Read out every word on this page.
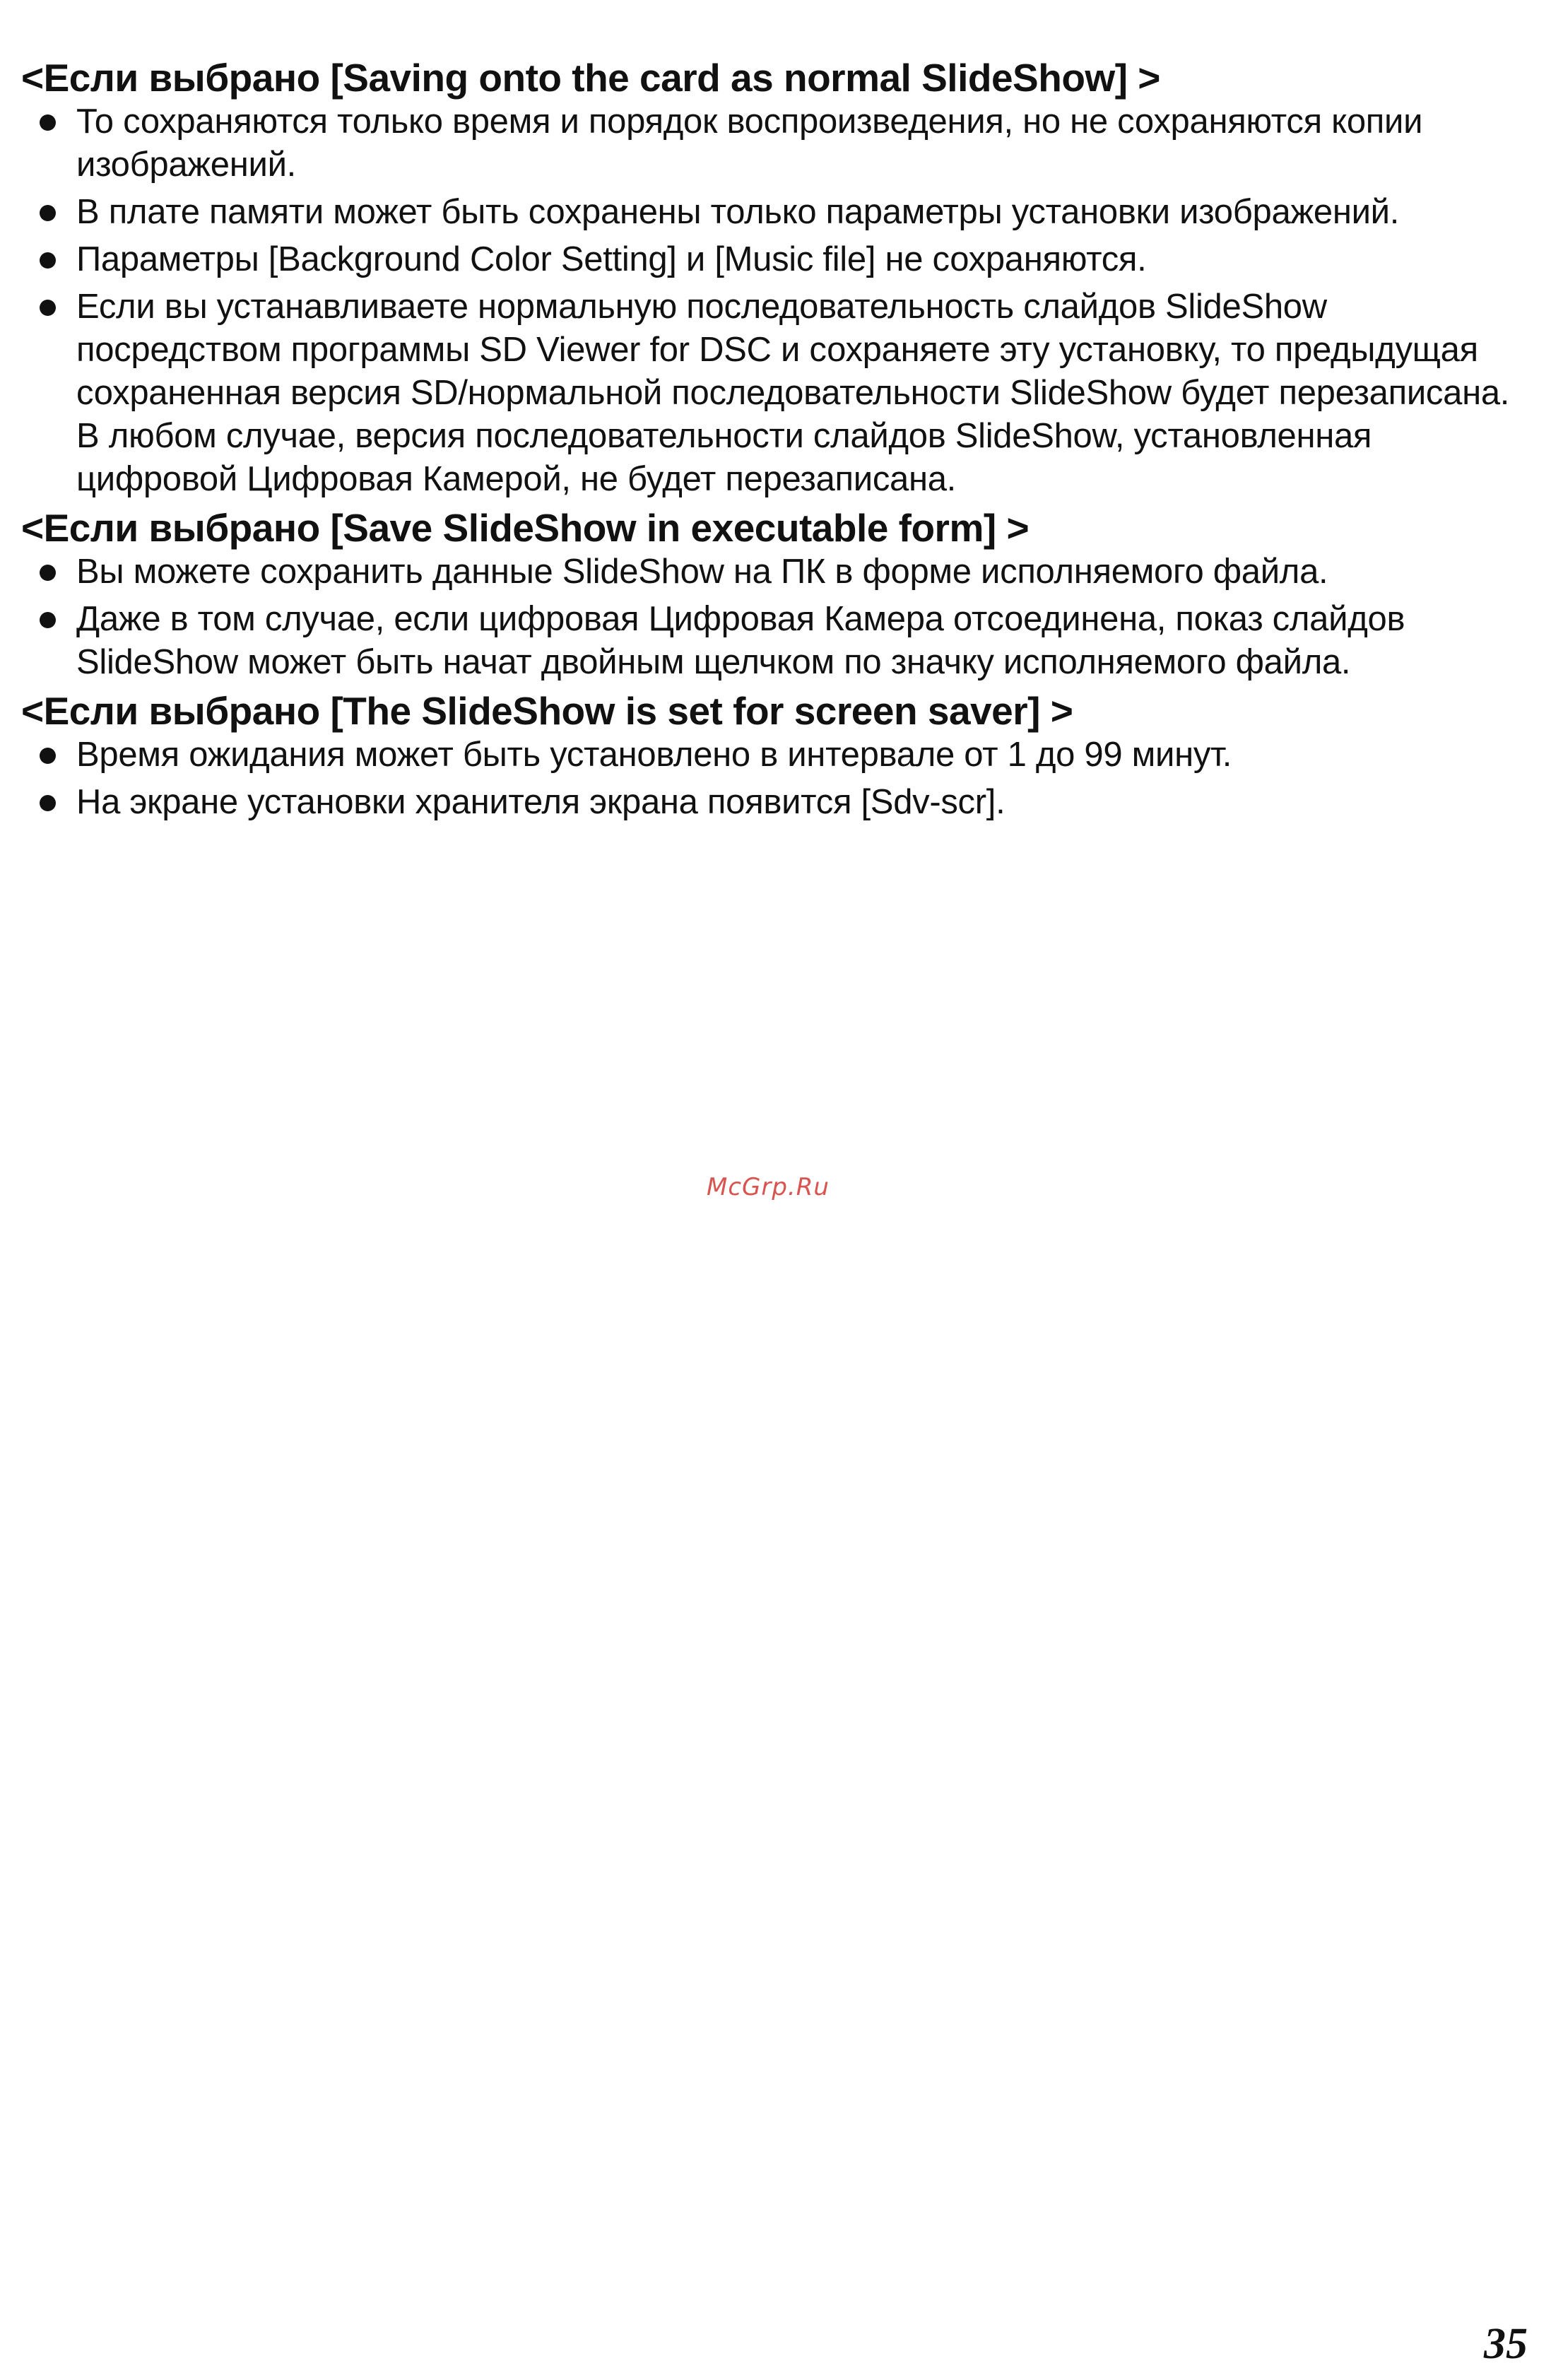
<Если выбрано [Saving onto the card as normal SlideShow] >
То сохраняются только время и порядок воспроизведения, но не сохраняются копии изображений.
В плате памяти может быть сохранены только параметры установки изображений.
Параметры [Background Color Setting] и [Music file] не сохраняются.
Если вы устанавливаете нормальную последовательность слайдов SlideShow посредством программы SD Viewer for DSC и сохраняете эту установку, то предыдущая сохраненная версия SD/нормальной последовательности SlideShow будет перезаписана. В любом случае, версия последовательности слайдов SlideShow, установленная цифровой Цифровая Камерой, не будет перезаписана.
<Если выбрано [Save SlideShow in executable form] >
Вы можете сохранить данные SlideShow на ПК в форме исполняемого файла.
Даже в том случае, если цифровая Цифровая Камера отсоединена, показ слайдов SlideShow может быть начат двойным щелчком по значку исполняемого файла.
<Если выбрано [The SlideShow is set for screen saver] >
Время ожидания может быть установлено в интервале от 1 до 99 минут.
На экране установки хранителя экрана появится [Sdv-scr].
McGrp.Ru
35
